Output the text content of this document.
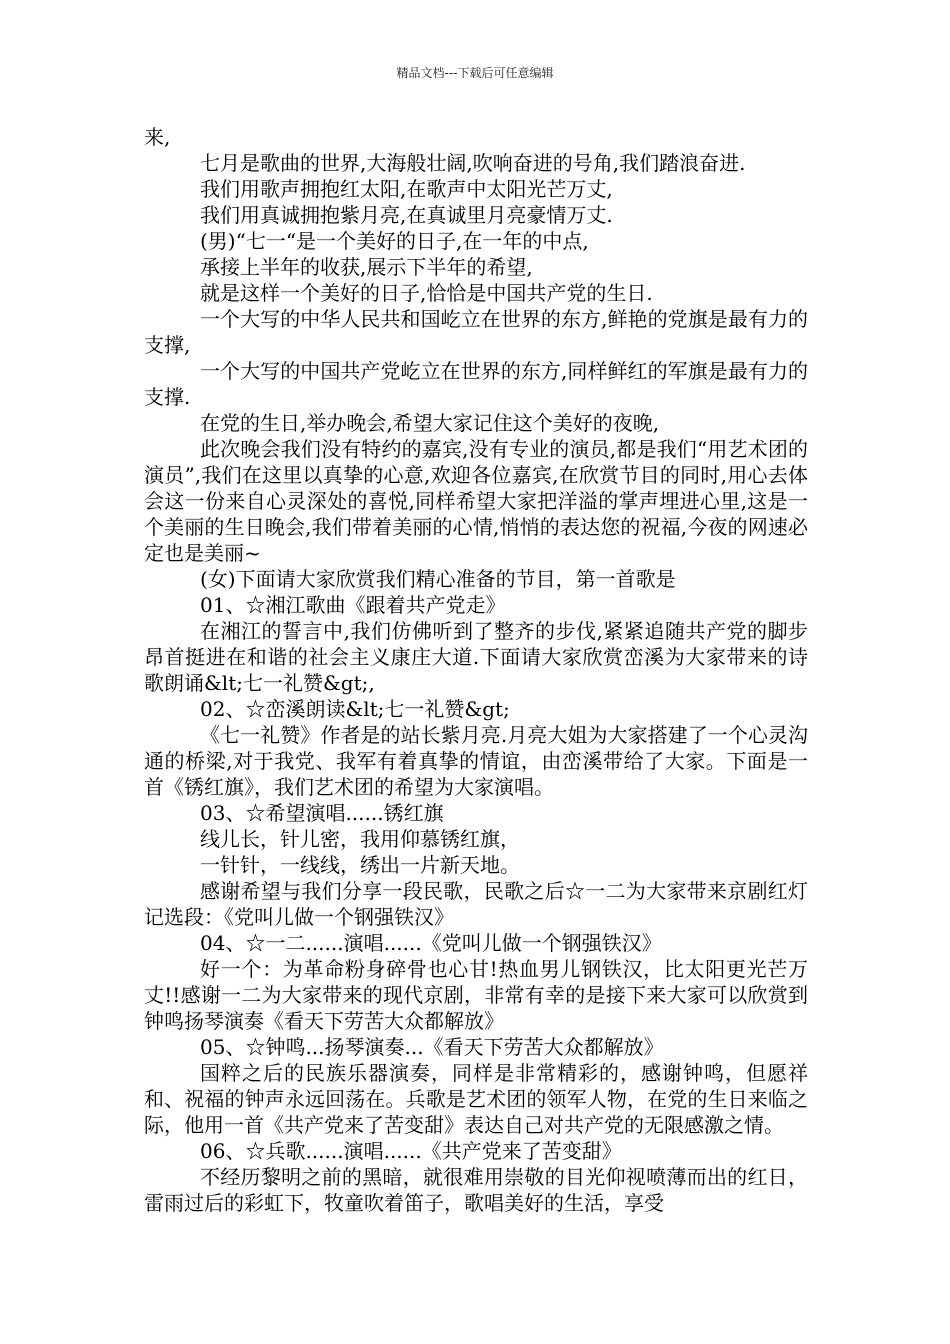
精品文档---下载后可任意编辑

来,

七月是歌曲的世界,大海般壮阔,吹响奋进的号角,我们踏浪奋进.

我们用歌声拥抱红太阳,在歌声中太阳光芒万丈,

我们用真诚拥抱紫月亮,在真诚里月亮豪情万丈.

(男)“七一“是一个美好的日子,在一年的中点,

承接上半年的收获,展示下半年的希望,

就是这样一个美好的日子,恰恰是中国共产党的生日.

一个大写的中华人民共和国屹立在世界的东方,鲜艳的党旗是最有力的支撑,

一个大写的中国共产党屹立在世界的东方,同样鲜红的军旗是最有力的支撑.

在党的生日,举办晚会,希望大家记住这个美好的夜晚,

此次晚会我们没有特约的嘉宾,没有专业的演员,都是我们“用艺术团的演员”,我们在这里以真挚的心意,欢迎各位嘉宾,在欣赏节目的同时,用心去体会这一份来自心灵深处的喜悦,同样希望大家把洋溢的掌声埋进心里,这是一个美丽的生日晚会,我们带着美丽的心情,悄悄的表达您的祝福,今夜的网速必定也是美丽~

(女)下面请大家欣赏我们精心准备的节目，第一首歌是

01、☆湘江歌曲《跟着共产党走》

在湘江的誓言中,我们仿佛听到了整齐的步伐,紧紧追随共产党的脚步昂首挺进在和谐的社会主义康庄大道.下面请大家欣赏峦溪为大家带来的诗歌朗诵&lt;七一礼赞&gt;,

02、☆峦溪朗读&lt;七一礼赞&gt;

《七一礼赞》作者是的站长紫月亮.月亮大姐为大家搭建了一个心灵沟通的桥梁,对于我党、我军有着真挚的情谊，由峦溪带给了大家。下面是一首《锈红旗》，我们艺术团的希望为大家演唱。

03、☆希望演唱......锈红旗

线儿长，针儿密，我用仰慕锈红旗，

一针针，一线线，绣出一片新天地。

感谢希望与我们分享一段民歌，民歌之后☆一二为大家带来京剧红灯记选段：《党叫儿做一个钢强铁汉》

04、☆一二......演唱......《党叫儿做一个钢强铁汉》

好一个：为革命粉身碎骨也心甘!热血男儿钢铁汉，比太阳更光芒万丈!!感谢一二为大家带来的现代京剧，非常有幸的是接下来大家可以欣赏到钟鸣扬琴演奏《看天下劳苦大众都解放》

05、☆钟鸣...扬琴演奏...《看天下劳苦大众都解放》

国粹之后的民族乐器演奏，同样是非常精彩的，感谢钟鸣，但愿祥和、祝福的钟声永远回荡在。兵歌是艺术团的领军人物，在党的生日来临之际，他用一首《共产党来了苦变甜》表达自己对共产党的无限感激之情。

06、☆兵歌......演唱......《共产党来了苦变甜》

不经历黎明之前的黑暗，就很难用崇敬的目光仰视喷薄而出的红日，雷雨过后的彩虹下，牧童吹着笛子，歌唱美好的生活，享受
